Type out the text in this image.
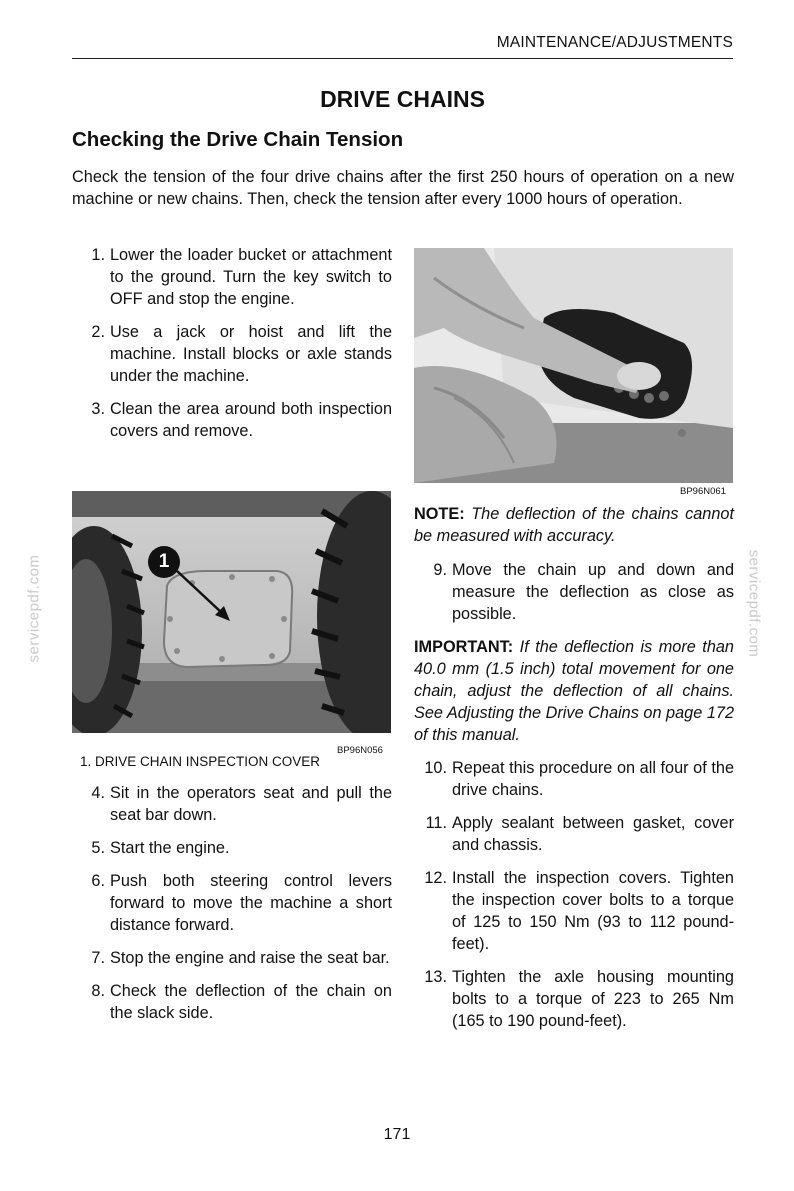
MAINTENANCE/ADJUSTMENTS
DRIVE CHAINS
Checking the Drive Chain Tension
Check the tension of the four drive chains after the first 250 hours of operation on a new machine or new chains. Then, check the tension after every 1000 hours of operation.
1. Lower the loader bucket or attachment to the ground. Turn the key switch to OFF and stop the engine.
2. Use a jack or hoist and lift the machine. Install blocks or axle stands under the machine.
3. Clean the area around both inspection covers and remove.
1
BP96N056
1. DRIVE CHAIN INSPECTION COVER
4. Sit in the operators seat and pull the seat bar down.
5. Start the engine.
6. Push both steering control levers forward to move the machine a short distance forward.
7. Stop the engine and raise the seat bar.
8. Check the deflection of the chain on the slack side.
BP96N061
NOTE: The deflection of the chains cannot be measured with accuracy.
9. Move the chain up and down and measure the deflection as close as possible.
IMPORTANT: If the deflection is more than 40.0 mm (1.5 inch) total movement for one chain, adjust the deflection of all chains. See Adjusting the Drive Chains on page 172 of this manual.
10. Repeat this procedure on all four of the drive chains.
11. Apply sealant between gasket, cover and chassis.
12. Install the inspection covers. Tighten the inspection cover bolts to a torque of 125 to 150 Nm (93 to 112 pound-feet).
13. Tighten the axle housing mounting bolts to a torque of 223 to 265 Nm (165 to 190 pound-feet).
servicepdf.com	servicepdf.com
171
